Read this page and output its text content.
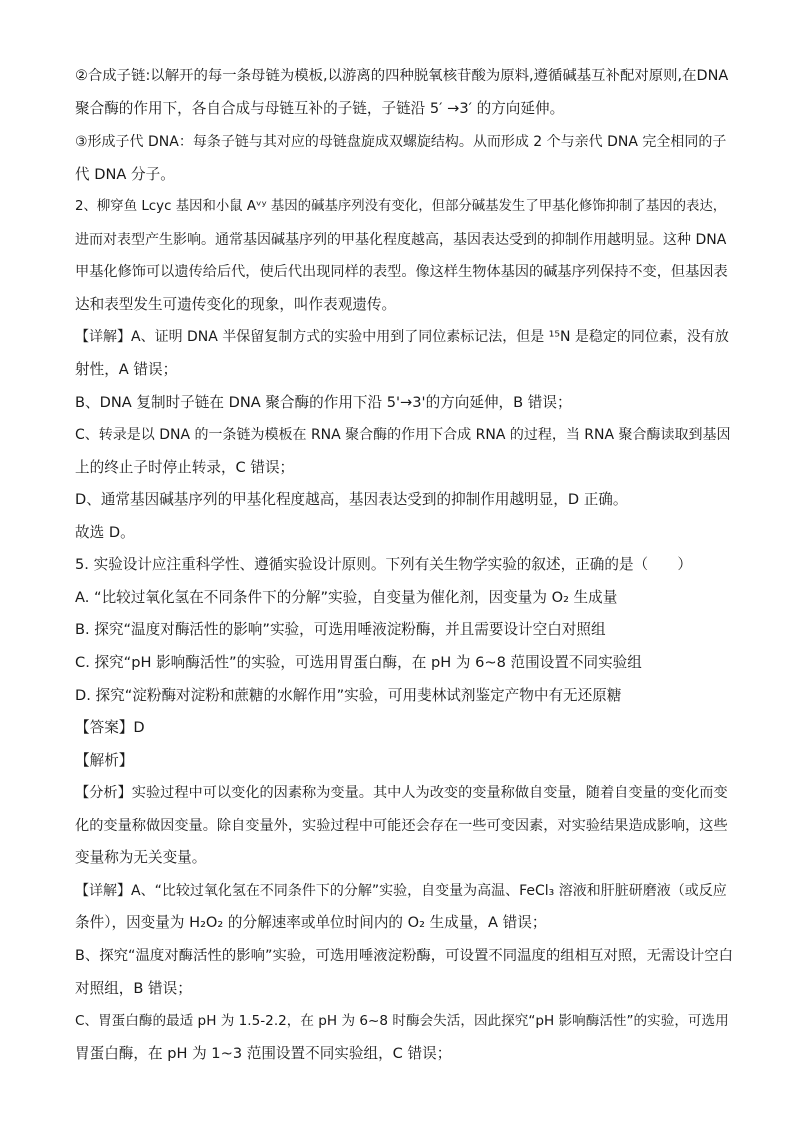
②合成子链:以解开的每一条母链为模板,以游离的四种脱氧核苷酸为原料,遵循碱基互补配对原则,在DNA
聚合酶的作用下，各自合成与母链互补的子链，子链沿 5′ →3′ 的方向延伸。
③形成子代 DNA：每条子链与其对应的母链盘旋成双螺旋结构。从而形成 2 个与亲代 DNA 完全相同的子
代 DNA 分子。
2、柳穿鱼 Lcyc 基因和小鼠 Aᵛʸ 基因的碱基序列没有变化，但部分碱基发生了甲基化修饰抑制了基因的表达，
进而对表型产生影响。通常基因碱基序列的甲基化程度越高，基因表达受到的抑制作用越明显。这种 DNA
甲基化修饰可以遗传给后代，使后代出现同样的表型。像这样生物体基因的碱基序列保持不变，但基因表
达和表型发生可遗传变化的现象，叫作表观遗传。
【详解】A、证明 DNA 半保留复制方式的实验中用到了同位素标记法，但是 ¹⁵N 是稳定的同位素，没有放
射性，A 错误；
B、DNA 复制时子链在 DNA 聚合酶的作用下沿 5'→3'的方向延伸，B 错误；
C、转录是以 DNA 的一条链为模板在 RNA 聚合酶的作用下合成 RNA 的过程，当 RNA 聚合酶读取到基因
上的终止子时停止转录，C 错误；
D、通常基因碱基序列的甲基化程度越高，基因表达受到的抑制作用越明显，D 正确。
故选 D。
5. 实验设计应注重科学性、遵循实验设计原则。下列有关生物学实验的叙述，正确的是（　　）
A. “比较过氧化氢在不同条件下的分解”实验，自变量为催化剂，因变量为 O₂ 生成量
B. 探究“温度对酶活性的影响”实验，可选用唾液淀粉酶，并且需要设计空白对照组
C. 探究“pH 影响酶活性”的实验，可选用胃蛋白酶，在 pH 为 6~8 范围设置不同实验组
D. 探究“淀粉酶对淀粉和蔗糖的水解作用”实验，可用斐林试剂鉴定产物中有无还原糖
【答案】D
【解析】
【分析】实验过程中可以变化的因素称为变量。其中人为改变的变量称做自变量，随着自变量的变化而变
化的变量称做因变量。除自变量外，实验过程中可能还会存在一些可变因素，对实验结果造成影响，这些
变量称为无关变量。
【详解】A、“比较过氧化氢在不同条件下的分解”实验，自变量为高温、FeCl₃ 溶液和肝脏研磨液（或反应
条件），因变量为 H₂O₂ 的分解速率或单位时间内的 O₂ 生成量，A 错误；
B、探究“温度对酶活性的影响”实验，可选用唾液淀粉酶，可设置不同温度的组相互对照，无需设计空白
对照组，B 错误；
C、胃蛋白酶的最适 pH 为 1.5-2.2，在 pH 为 6~8 时酶会失活，因此探究“pH 影响酶活性”的实验，可选用
胃蛋白酶，在 pH 为 1~3 范围设置不同实验组，C 错误；
